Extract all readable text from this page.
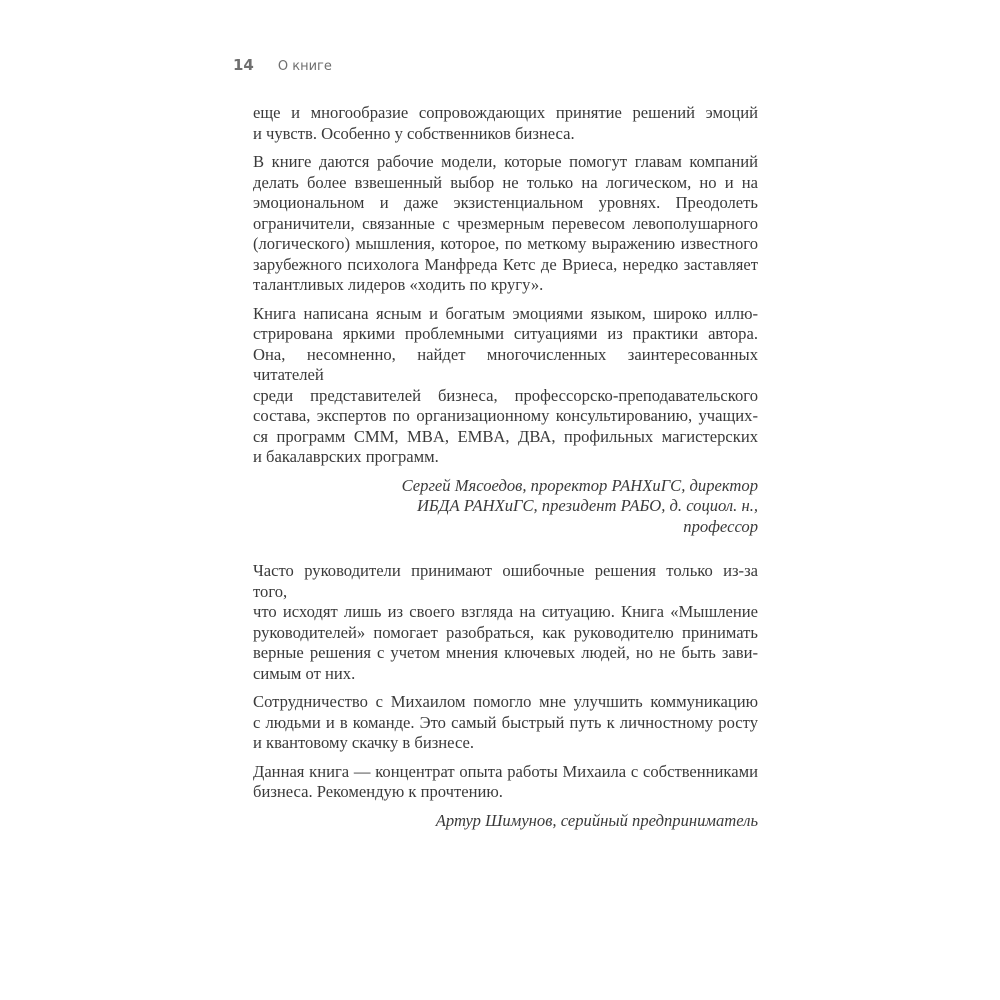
14 О книге

еще и многообразие сопровождающих принятие решений эмоций
и чувств. Особенно у собственников бизнеса.

В книге даются рабочие модели, которые помогут главам компаний
делать более взвешенный выбор не только на логическом, но и на
эмоциональном и даже экзистенциальном уровнях. Преодолеть
ограничители, связанные с чрезмерным перевесом левополушарного
(логического) мышления, которое, по меткому выражению известного
зарубежного психолога Манфреда Кетс де Вриеса, нередко заставляет
талантливых лидеров «ходить по кругу».

Книга написана ясным и богатым эмоциями языком, широко иллю-
стрирована яркими проблемными ситуациями из практики автора.
Она, несомненно, найдет многочисленных заинтересованных читателей
среди представителей бизнеса, профессорско-преподавательского
состава, экспертов по организационному консультированию, учащих-
ся программ CMM, MBA, EMBA, ДВА, профильных магистерских
и бакалаврских программ.

Сергей Мясоедов, проректор РАНХиГС, директор
ИБДА РАНХиГС, президент РАБО, д. социол. н.,
профессор

Часто руководители принимают ошибочные решения только из-за того,
что исходят лишь из своего взгляда на ситуацию. Книга «Мышление
руководителей» помогает разобраться, как руководителю принимать
верные решения с учетом мнения ключевых людей, но не быть зави-
симым от них.

Сотрудничество с Михаилом помогло мне улучшить коммуникацию
с людьми и в команде. Это самый быстрый путь к личностному росту
и квантовому скачку в бизнесе.

Данная книга — концентрат опыта работы Михаила с собственниками
бизнеса. Рекомендую к прочтению.

Артур Шимунов, серийный предприниматель
